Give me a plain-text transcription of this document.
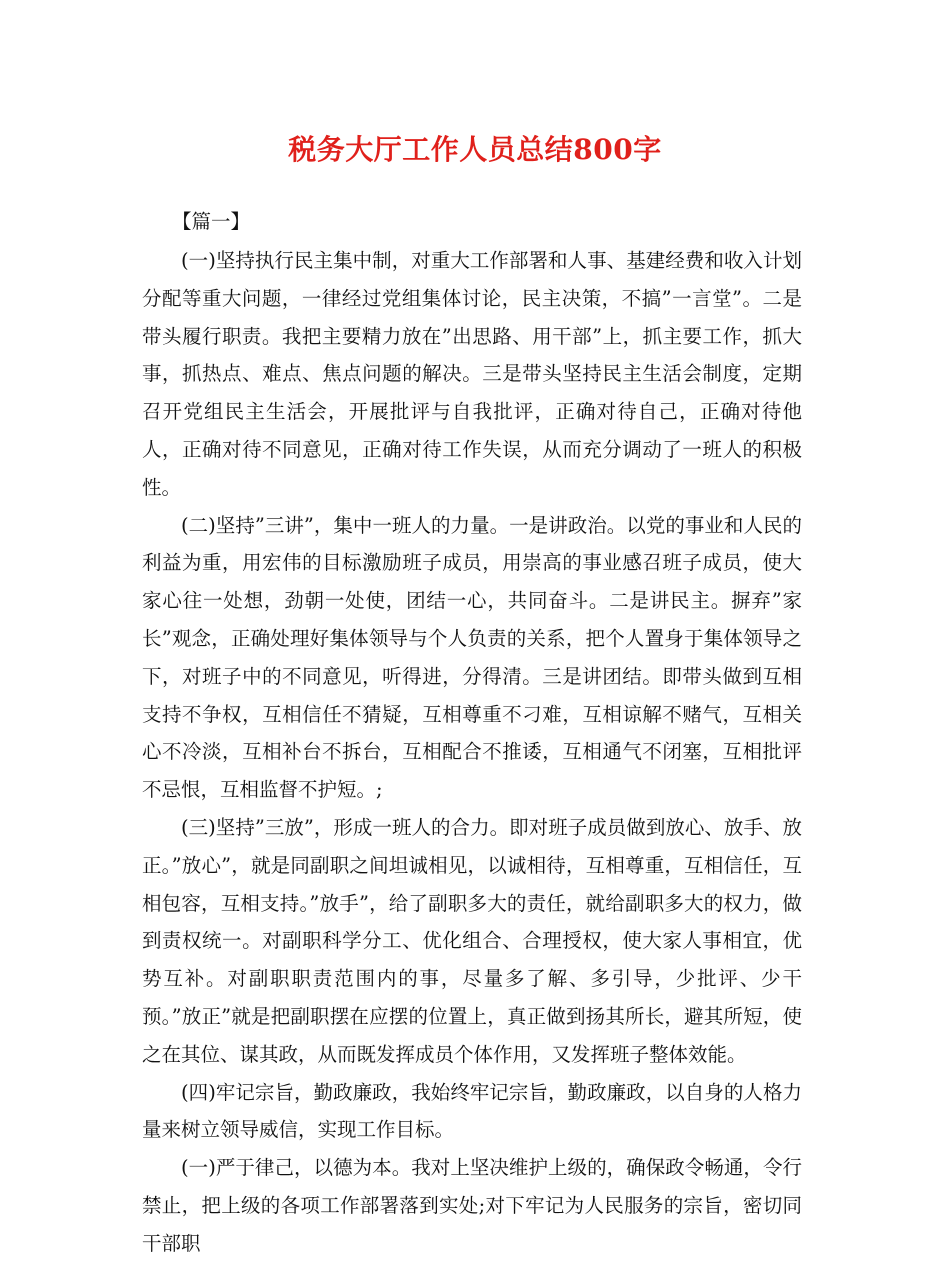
税务大厅工作人员总结800字

【篇一】

(一)坚持执行民主集中制，对重大工作部署和人事、基建经费和收入计划分配等重大问题，一律经过党组集体讨论，民主决策，不搞”一言堂”。二是带头履行职责。我把主要精力放在”出思路、用干部”上，抓主要工作，抓大事，抓热点、难点、焦点问题的解决。三是带头坚持民主生活会制度，定期召开党组民主生活会，开展批评与自我批评，正确对待自己，正确对待他人，正确对待不同意见，正确对待工作失误，从而充分调动了一班人的积极性。

(二)坚持”三讲”，集中一班人的力量。一是讲政治。以党的事业和人民的利益为重，用宏伟的目标激励班子成员，用崇高的事业感召班子成员，使大家心往一处想，劲朝一处使，团结一心，共同奋斗。二是讲民主。摒弃”家长”观念，正确处理好集体领导与个人负责的关系，把个人置身于集体领导之下，对班子中的不同意见，听得进，分得清。三是讲团结。即带头做到互相支持不争权，互相信任不猜疑，互相尊重不刁难，互相谅解不赌气，互相关心不冷淡，互相补台不拆台，互相配合不推诿，互相通气不闭塞，互相批评不忌恨，互相监督不护短。;

(三)坚持”三放”，形成一班人的合力。即对班子成员做到放心、放手、放正。”放心”，就是同副职之间坦诚相见，以诚相待，互相尊重，互相信任，互相包容，互相支持。”放手”，给了副职多大的责任，就给副职多大的权力，做到责权统一。对副职科学分工、优化组合、合理授权，使大家人事相宜，优势互补。对副职职责范围内的事，尽量多了解、多引导，少批评、少干预。”放正”就是把副职摆在应摆的位置上，真正做到扬其所长，避其所短，使之在其位、谋其政，从而既发挥成员个体作用，又发挥班子整体效能。

(四)牢记宗旨，勤政廉政，我始终牢记宗旨，勤政廉政，以自身的人格力量来树立领导威信，实现工作目标。

(一)严于律己，以德为本。我对上坚决维护上级的，确保政令畅通，令行禁止，把上级的各项工作部署落到实处;对下牢记为人民服务的宗旨，密切同干部职
